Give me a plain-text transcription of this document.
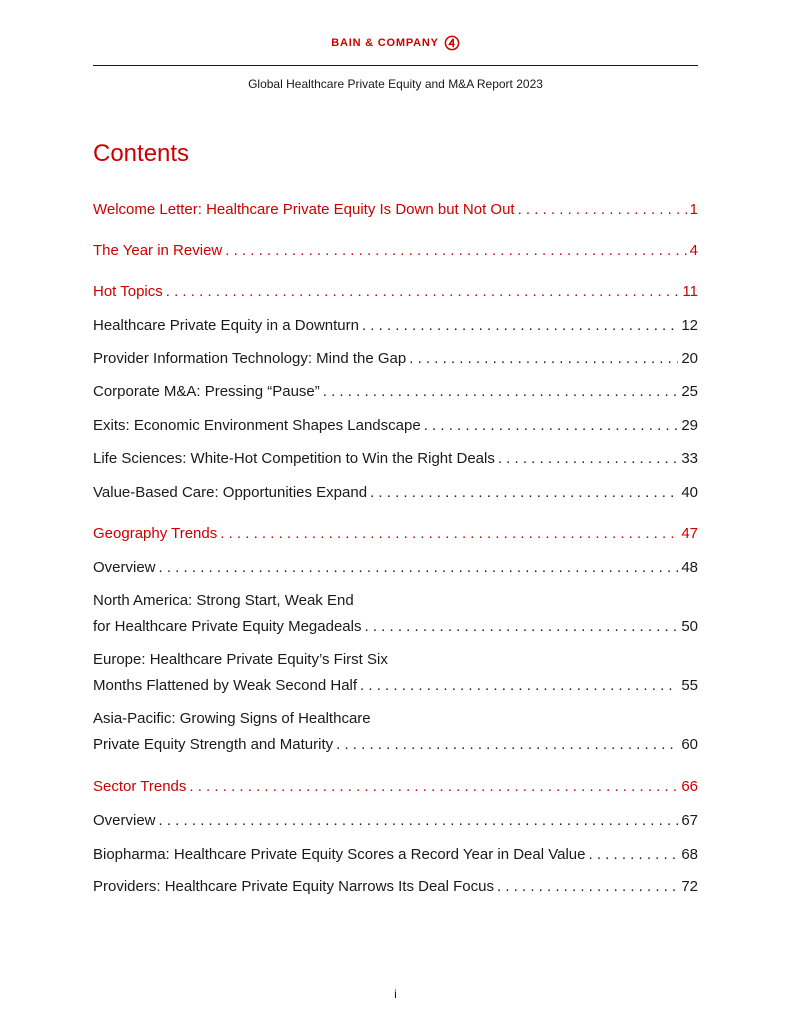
BAIN & COMPANY
Global Healthcare Private Equity and M&A Report 2023
Contents
Welcome Letter: Healthcare Private Equity Is Down but Not Out . . .	1
The Year in Review . . .	4
Hot Topics . . .	11
Healthcare Private Equity in a Downturn . . .	12
Provider Information Technology: Mind the Gap . . .	20
Corporate M&A: Pressing “Pause” . . .	25
Exits: Economic Environment Shapes Landscape . . .	29
Life Sciences: White-Hot Competition to Win the Right Deals . . .	33
Value-Based Care: Opportunities Expand . . .	40
Geography Trends . . .	47
Overview . . .	48
North America: Strong Start, Weak End
for Healthcare Private Equity Megadeals . . .	50
Europe: Healthcare Private Equity’s First Six
Months Flattened by Weak Second Half . . .	55
Asia-Pacific: Growing Signs of Healthcare
Private Equity Strength and Maturity . . .	60
Sector Trends . . .	66
Overview . . .	67
Biopharma: Healthcare Private Equity Scores a Record Year in Deal Value . . .	68
Providers: Healthcare Private Equity Narrows Its Deal Focus . . .	72
i
